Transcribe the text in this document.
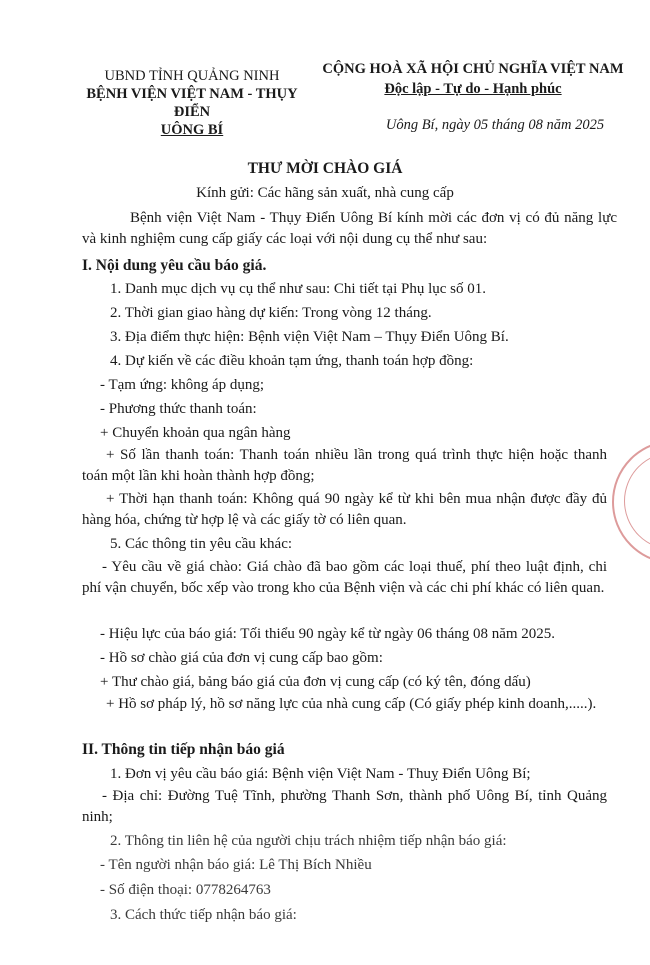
UBND TỈNH QUẢNG NINH
BỆNH VIỆN VIỆT NAM - THỤY ĐIỂN
UÔNG BÍ
CỘNG HOÀ XÃ HỘI CHỦ NGHĨA VIỆT NAM
Độc lập - Tự do - Hạnh phúc
Uông Bí, ngày 05 tháng 08 năm 2025
THƯ MỜI CHÀO GIÁ
Kính gửi: Các hãng sản xuất, nhà cung cấp
Bệnh viện Việt Nam - Thụy Điển Uông Bí kính mời các đơn vị có đủ năng lực và kinh nghiệm cung cấp giấy các loại với nội dung cụ thể như sau:
I. Nội dung yêu cầu báo giá.
1. Danh mục dịch vụ cụ thể như sau: Chi tiết tại Phụ lục số 01.
2. Thời gian giao hàng dự kiến: Trong vòng 12 tháng.
3. Địa điểm thực hiện: Bệnh viện Việt Nam – Thụy Điển Uông Bí.
4. Dự kiến về các điều khoản tạm ứng, thanh toán hợp đồng:
- Tạm ứng: không áp dụng;
- Phương thức thanh toán:
+ Chuyển khoản qua ngân hàng
+ Số lần thanh toán: Thanh toán nhiều lần trong quá trình thực hiện hoặc thanh toán một lần khi hoàn thành hợp đồng;
+ Thời hạn thanh toán: Không quá 90 ngày kể từ khi bên mua nhận được đầy đủ hàng hóa, chứng từ hợp lệ và các giấy tờ có liên quan.
5. Các thông tin yêu cầu khác:
- Yêu cầu về giá chào: Giá chào đã bao gồm các loại thuế, phí theo luật định, chi phí vận chuyển, bốc xếp vào trong kho của Bệnh viện và các chi phí khác có liên quan.
- Hiệu lực của báo giá: Tối thiểu 90 ngày kể từ ngày 06 tháng 08 năm 2025.
- Hồ sơ chào giá của đơn vị cung cấp bao gồm:
+ Thư chào giá, bảng báo giá của đơn vị cung cấp (có ký tên, đóng dấu)
+ Hồ sơ pháp lý, hồ sơ năng lực của nhà cung cấp (Có giấy phép kinh doanh,.....).
II. Thông tin tiếp nhận báo giá
1. Đơn vị yêu cầu báo giá: Bệnh viện Việt Nam - Thuỵ Điển Uông Bí;
- Địa chỉ: Đường Tuệ Tĩnh, phường Thanh Sơn, thành phố Uông Bí, tỉnh Quảng ninh;
2. Thông tin liên hệ của người chịu trách nhiệm tiếp nhận báo giá:
- Tên người nhận báo giá: Lê Thị Bích Nhiều
- Số điện thoại: 0778264763
3. Cách thức tiếp nhận báo giá:
